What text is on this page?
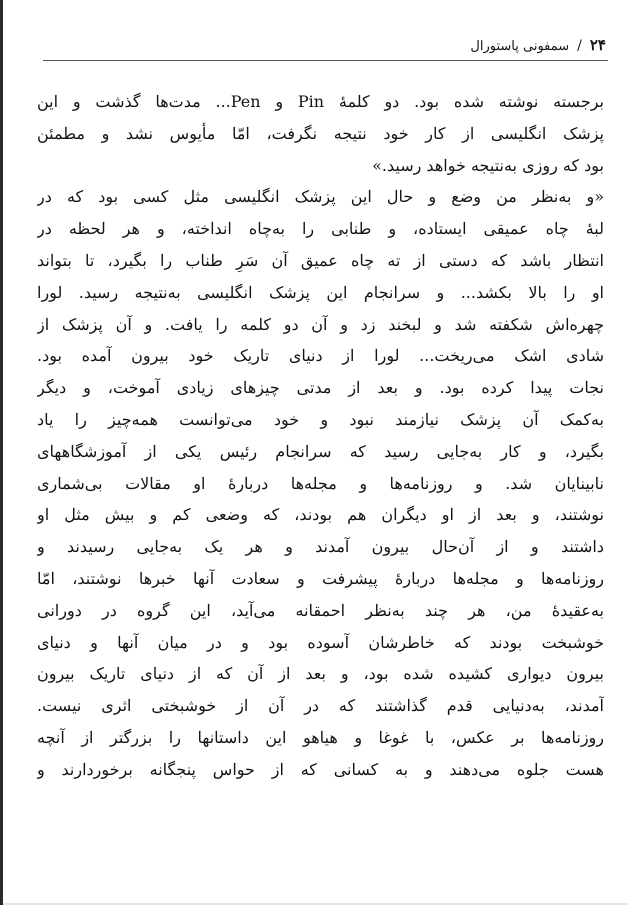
۲۴
/
سمفونی پاستورال
برجسته نوشته شده بود. دو کلمهٔ Pin و Pen... مدت‌ها گذشت و این
پزشک انگلیسی از کار خود نتیجه نگرفت، امّا مأیوس نشد و مطمئن
بود که روزی به‌نتیجه خواهد رسید.»
«و به‌نظر من وضع و حال این پزشک انگلیسی مثل کسی بود که در
لبهٔ چاه عمیقی ایستاده، و طنابی را به‌چاه انداخته، و هر لحظه در
انتظار باشد که دستی از ته چاه عمیق آن سَرِ طناب را بگیرد، تا بتواند
او را بالا بکشد... و سرانجام این پزشک انگلیسی به‌نتیجه رسید. لورا
چهره‌اش شکفته شد و لبخند زد و آن دو کلمه را یافت. و آن پزشک از
شادی اشک می‌ریخت... لورا از دنیای تاریک خود بیرون آمده بود.
نجات پیدا کرده بود. و بعد از مدتی چیزهای زیادی آموخت، و دیگر
به‌کمک آن پزشک نیازمند نبود و خود می‌توانست همه‌چیز را یاد
بگیرد، و کار به‌جایی رسید که سرانجام رئیس یکی از آموزشگاههای
نابینایان شد. و روزنامه‌ها و مجله‌ها دربارهٔ او مقالات بی‌شماری
نوشتند، و بعد از او دیگران هم بودند، که وضعی کم و بیش مثل او
داشتند و از آن‌حال بیرون آمدند و هر یک به‌جایی رسیدند و
روزنامه‌ها و مجله‌ها دربارهٔ پیشرفت و سعادت آنها خبرها نوشتند، امّا
به‌عقیدهٔ من، هر چند به‌نظر احمقانه می‌آید، این گروه در دورانی
خوشبخت بودند که خاطرشان آسوده بود و در میان آنها و دنیای
بیرون دیواری کشیده شده بود، و بعد از آن که از دنیای تاریک بیرون
آمدند، به‌دنیایی قدم گذاشتند که در آن از خوشبختی اثری نیست.
روزنامه‌ها بر عکس، با غوغا و هیاهو این داستانها را بزرگتر از آنچه
هست جلوه می‌دهند و به کسانی که از حواس پنجگانه برخوردارند و
